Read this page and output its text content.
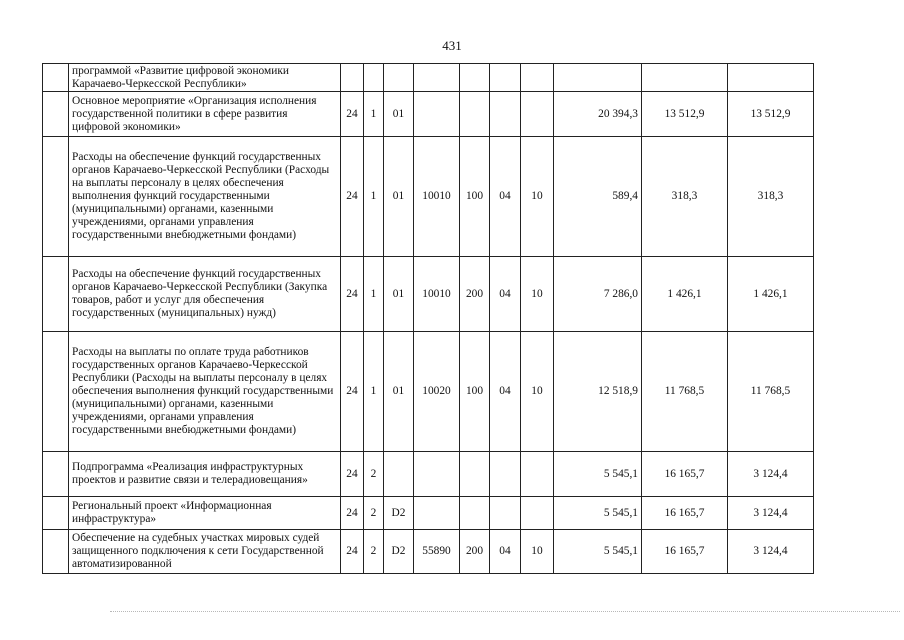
431
	программой «Развитие цифровой экономики Карачаево-Черкесской Республики»										
	Основное мероприятие «Организация исполнения государственной политики в сфере развития цифровой экономики»	24	1	01					20 394,3	13 512,9	13 512,9
	Расходы на обеспечение функций государственных органов Карачаево-Черкесской Республики (Расходы на выплаты персоналу в целях обеспечения выполнения функций государственными (муниципальными) органами, казенными учреждениями, органами управления государственными внебюджетными фондами)	24	1	01	10010	100	04	10	589,4	318,3	318,3
	Расходы на обеспечение функций государственных органов Карачаево-Черкесской Республики (Закупка товаров, работ и услуг для обеспечения государственных (муниципальных) нужд)	24	1	01	10010	200	04	10	7 286,0	1 426,1	1 426,1
	Расходы на выплаты по оплате труда работников государственных органов Карачаево-Черкесской Республики (Расходы на выплаты персоналу в целях обеспечения выполнения функций государственными (муниципальными) органами, казенными учреждениями, органами управления государственными внебюджетными фондами)	24	1	01	10020	100	04	10	12 518,9	11 768,5	11 768,5
	Подпрограмма «Реализация инфраструктурных проектов и развитие связи и телерадиовещания»	24	2						5 545,1	16 165,7	3 124,4
	Региональный проект «Информационная инфраструктура»	24	2	D2					5 545,1	16 165,7	3 124,4
	Обеспечение на судебных участках мировых судей защищенного подключения к сети Государственной автоматизированной	24	2	D2	55890	200	04	10	5 545,1	16 165,7	3 124,4
